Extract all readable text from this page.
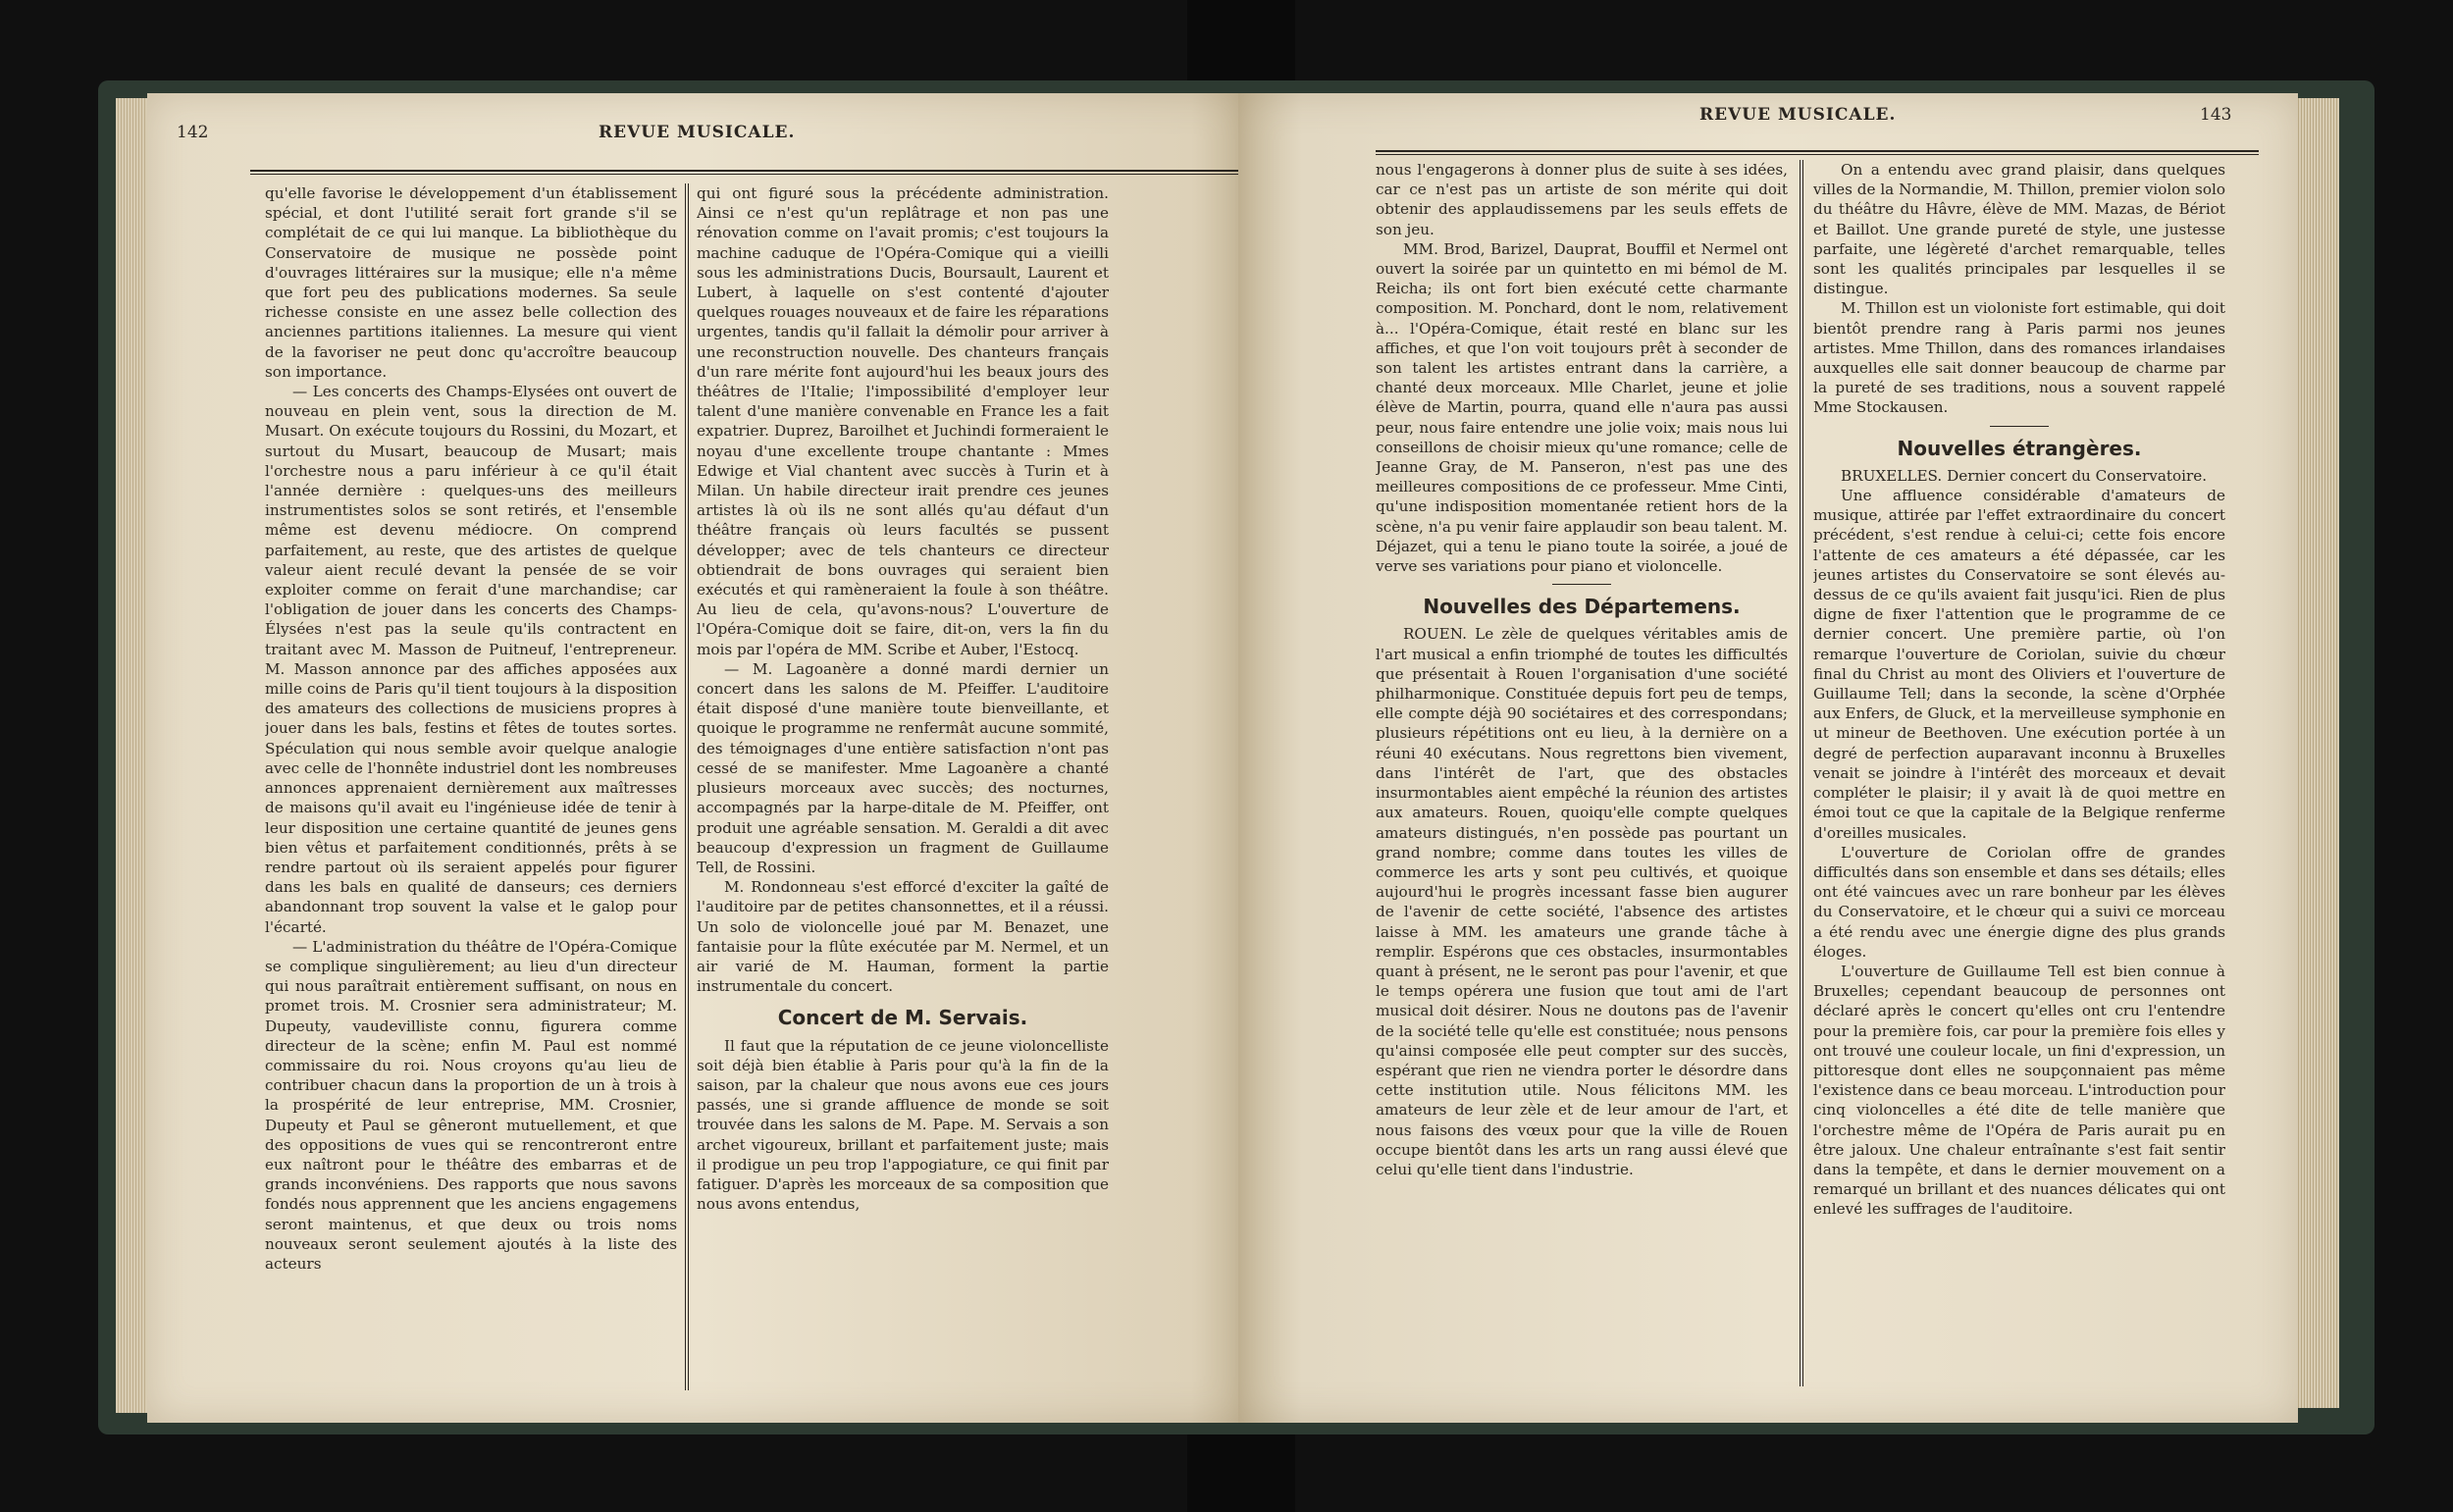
142	REVUE MUSICALE.

qu'elle favorise le développement d'un établissement spécial, et dont l'utilité serait fort grande s'il se complétait de ce qui lui manque. La bibliothèque du Conservatoire de musique ne possède point d'ouvrages littéraires sur la musique; elle n'a même que fort peu des publications modernes. Sa seule richesse consiste en une assez belle collection des anciennes partitions italiennes. La mesure qui vient de la favoriser ne peut donc qu'accroître beaucoup son importance.

— Les concerts des Champs-Elysées ont ouvert de nouveau en plein vent, sous la direction de M. Musart. On exécute toujours du Rossini, du Mozart, et surtout du Musart, beaucoup de Musart; mais l'orchestre nous a paru inférieur à ce qu'il était l'année dernière : quelques-uns des meilleurs instrumentistes solos se sont retirés, et l'ensemble même est devenu médiocre. On comprend parfaitement, au reste, que des artistes de quelque valeur aient reculé devant la pensée de se voir exploiter comme on ferait d'une marchandise; car l'obligation de jouer dans les concerts des Champs-Élysées n'est pas la seule qu'ils contractent en traitant avec M. Masson de Puitneuf, l'entrepreneur. M. Masson annonce par des affiches apposées aux mille coins de Paris qu'il tient toujours à la disposition des amateurs des collections de musiciens propres à jouer dans les bals, festins et fêtes de toutes sortes. Spéculation qui nous semble avoir quelque analogie avec celle de l'honnête industriel dont les nombreuses annonces apprenaient dernièrement aux maîtresses de maisons qu'il avait eu l'ingénieuse idée de tenir à leur disposition une certaine quantité de jeunes gens bien vêtus et parfaitement conditionnés, prêts à se rendre partout où ils seraient appelés pour figurer dans les bals en qualité de danseurs; ces derniers abandonnant trop souvent la valse et le galop pour l'écarté.

— L'administration du théâtre de l'Opéra-Comique se complique singulièrement; au lieu d'un directeur qui nous paraîtrait entièrement suffisant, on nous en promet trois. M. Crosnier sera administrateur; M. Dupeuty, vaudevilliste connu, figurera comme directeur de la scène; enfin M. Paul est nommé commissaire du roi. Nous croyons qu'au lieu de contribuer chacun dans la proportion de un à trois à la prospérité de leur entreprise, MM. Crosnier, Dupeuty et Paul se gêneront mutuellement, et que des oppositions de vues qui se rencontreront entre eux naîtront pour le théâtre des embarras et de grands inconvéniens. Des rapports que nous savons fondés nous apprennent que les anciens engagemens seront maintenus, et que deux ou trois noms nouveaux seront seulement ajoutés à la liste des acteurs

qui ont figuré sous la précédente administration. Ainsi ce n'est qu'un replâtrage et non pas une rénovation comme on l'avait promis; c'est toujours la machine caduque de l'Opéra-Comique qui a vieilli sous les administrations Ducis, Boursault, Laurent et Lubert, à laquelle on s'est contenté d'ajouter quelques rouages nouveaux et de faire les réparations urgentes, tandis qu'il fallait la démolir pour arriver à une reconstruction nouvelle. Des chanteurs français d'un rare mérite font aujourd'hui les beaux jours des théâtres de l'Italie; l'impossibilité d'employer leur talent d'une manière convenable en France les a fait expatrier. Duprez, Baroilhet et Juchindi formeraient le noyau d'une excellente troupe chantante : Mmes Edwige et Vial chantent avec succès à Turin et à Milan. Un habile directeur irait prendre ces jeunes artistes là où ils ne sont allés qu'au défaut d'un théâtre français où leurs facultés se pussent développer; avec de tels chanteurs ce directeur obtiendrait de bons ouvrages qui seraient bien exécutés et qui ramèneraient la foule à son théâtre. Au lieu de cela, qu'avons-nous? L'ouverture de l'Opéra-Comique doit se faire, dit-on, vers la fin du mois par l'opéra de MM. Scribe et Auber, l'Estocq.

— M. Lagoanère a donné mardi dernier un concert dans les salons de M. Pfeiffer. L'auditoire était disposé d'une manière toute bienveillante, et quoique le programme ne renfermât aucune sommité, des témoignages d'une entière satisfaction n'ont pas cessé de se manifester. Mme Lagoanère a chanté plusieurs morceaux avec succès; des nocturnes, accompagnés par la harpe-ditale de M. Pfeiffer, ont produit une agréable sensation. M. Geraldi a dit avec beaucoup d'expression un fragment de Guillaume Tell, de Rossini.

M. Rondonneau s'est efforcé d'exciter la gaîté de l'auditoire par de petites chansonnettes, et il a réussi. Un solo de violoncelle joué par M. Benazet, une fantaisie pour la flûte exécutée par M. Nermel, et un air varié de M. Hauman, forment la partie instrumentale du concert.

Concert de M. Servais.

Il faut que la réputation de ce jeune violoncelliste soit déjà bien établie à Paris pour qu'à la fin de la saison, par la chaleur que nous avons eue ces jours passés, une si grande affluence de monde se soit trouvée dans les salons de M. Pape. M. Servais a son archet vigoureux, brillant et parfaitement juste; mais il prodigue un peu trop l'appogiature, ce qui finit par fatiguer. D'après les morceaux de sa composition que nous avons entendus,

REVUE MUSICALE.	143

nous l'engagerons à donner plus de suite à ses idées, car ce n'est pas un artiste de son mérite qui doit obtenir des applaudissemens par les seuls effets de son jeu.

MM. Brod, Barizel, Dauprat, Bouffil et Nermel ont ouvert la soirée par un quintetto en mi bémol de M. Reicha; ils ont fort bien exécuté cette charmante composition. M. Ponchard, dont le nom, relativement à... l'Opéra-Comique, était resté en blanc sur les affiches, et que l'on voit toujours prêt à seconder de son talent les artistes entrant dans la carrière, a chanté deux morceaux. Mlle Charlet, jeune et jolie élève de Martin, pourra, quand elle n'aura pas aussi peur, nous faire entendre une jolie voix; mais nous lui conseillons de choisir mieux qu'une romance; celle de Jeanne Gray, de M. Panseron, n'est pas une des meilleures compositions de ce professeur. Mme Cinti, qu'une indisposition momentanée retient hors de la scène, n'a pu venir faire applaudir son beau talent. M. Déjazet, qui a tenu le piano toute la soirée, a joué de verve ses variations pour piano et violoncelle.

Nouvelles des Départemens.

ROUEN. Le zèle de quelques véritables amis de l'art musical a enfin triomphé de toutes les difficultés que présentait à Rouen l'organisation d'une société philharmonique. Constituée depuis fort peu de temps, elle compte déjà 90 sociétaires et des correspondans; plusieurs répétitions ont eu lieu, à la dernière on a réuni 40 exécutans. Nous regrettons bien vivement, dans l'intérêt de l'art, que des obstacles insurmontables aient empêché la réunion des artistes aux amateurs. Rouen, quoiqu'elle compte quelques amateurs distingués, n'en possède pas pourtant un grand nombre; comme dans toutes les villes de commerce les arts y sont peu cultivés, et quoique aujourd'hui le progrès incessant fasse bien augurer de l'avenir de cette société, l'absence des artistes laisse à MM. les amateurs une grande tâche à remplir. Espérons que ces obstacles, insurmontables quant à présent, ne le seront pas pour l'avenir, et que le temps opérera une fusion que tout ami de l'art musical doit désirer. Nous ne doutons pas de l'avenir de la société telle qu'elle est constituée; nous pensons qu'ainsi composée elle peut compter sur des succès, espérant que rien ne viendra porter le désordre dans cette institution utile. Nous félicitons MM. les amateurs de leur zèle et de leur amour de l'art, et nous faisons des vœux pour que la ville de Rouen occupe bientôt dans les arts un rang aussi élevé que celui qu'elle tient dans l'industrie.

On a entendu avec grand plaisir, dans quelques villes de la Normandie, M. Thillon, premier violon solo du théâtre du Hâvre, élève de MM. Mazas, de Bériot et Baillot. Une grande pureté de style, une justesse parfaite, une légèreté d'archet remarquable, telles sont les qualités principales par lesquelles il se distingue.

M. Thillon est un violoniste fort estimable, qui doit bientôt prendre rang à Paris parmi nos jeunes artistes. Mme Thillon, dans des romances irlandaises auxquelles elle sait donner beaucoup de charme par la pureté de ses traditions, nous a souvent rappelé Mme Stockausen.

Nouvelles étrangères.

BRUXELLES. Dernier concert du Conservatoire.

Une affluence considérable d'amateurs de musique, attirée par l'effet extraordinaire du concert précédent, s'est rendue à celui-ci; cette fois encore l'attente de ces amateurs a été dépassée, car les jeunes artistes du Conservatoire se sont élevés au-dessus de ce qu'ils avaient fait jusqu'ici. Rien de plus digne de fixer l'attention que le programme de ce dernier concert. Une première partie, où l'on remarque l'ouverture de Coriolan, suivie du chœur final du Christ au mont des Oliviers et l'ouverture de Guillaume Tell; dans la seconde, la scène d'Orphée aux Enfers, de Gluck, et la merveilleuse symphonie en ut mineur de Beethoven. Une exécution portée à un degré de perfection auparavant inconnu à Bruxelles venait se joindre à l'intérêt des morceaux et devait compléter le plaisir; il y avait là de quoi mettre en émoi tout ce que la capitale de la Belgique renferme d'oreilles musicales.

L'ouverture de Coriolan offre de grandes difficultés dans son ensemble et dans ses détails; elles ont été vaincues avec un rare bonheur par les élèves du Conservatoire, et le chœur qui a suivi ce morceau a été rendu avec une énergie digne des plus grands éloges.

L'ouverture de Guillaume Tell est bien connue à Bruxelles; cependant beaucoup de personnes ont déclaré après le concert qu'elles ont cru l'entendre pour la première fois, car pour la première fois elles y ont trouvé une couleur locale, un fini d'expression, un pittoresque dont elles ne soupçonnaient pas même l'existence dans ce beau morceau. L'introduction pour cinq violoncelles a été dite de telle manière que l'orchestre même de l'Opéra de Paris aurait pu en être jaloux. Une chaleur entraînante s'est fait sentir dans la tempête, et dans le dernier mouvement on a remarqué un brillant et des nuances délicates qui ont enlevé les suffrages de l'auditoire.
